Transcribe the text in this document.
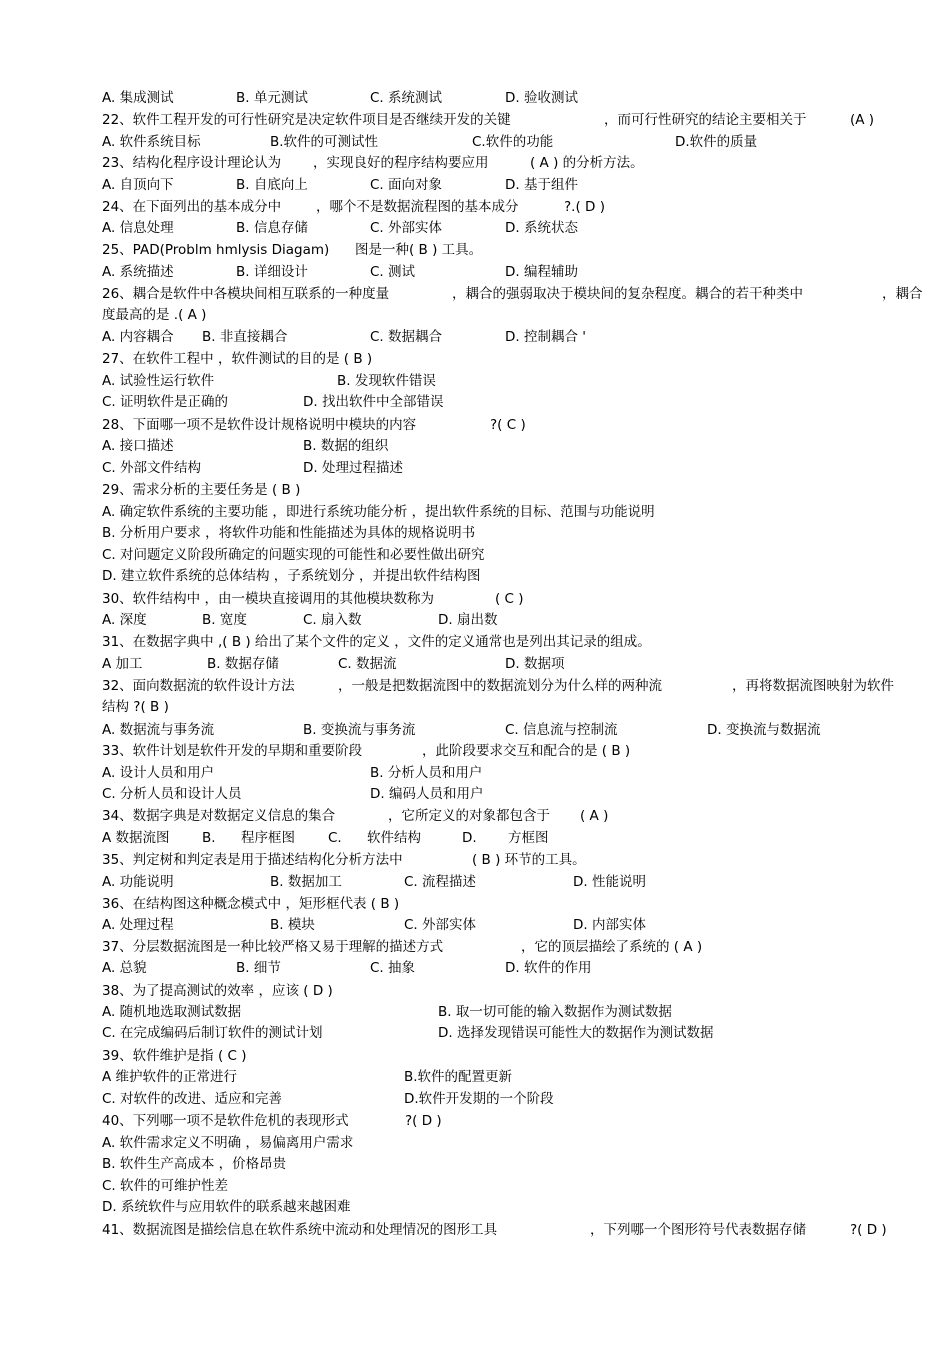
A. 集成测试	B. 单元测试	C. 系统测试	D. 验收测试
22、软件工程开发的可行性研究是决定软件项目是否继续开发的关键	，而可行性研究的结论主要相关于	(A )
A. 软件系统目标	B.软件的可测试性	C.软件的功能	D.软件的质量
23、结构化程序设计理论认为 ，实现良好的程序结构要应用	( A ) 的分析方法。
A. 自顶向下	B. 自底向上	C. 面向对象	D. 基于组件
24、在下面列出的基本成分中	，哪个不是数据流程图的基本成分	?.( D )
A. 信息处理	B. 信息存储	C. 外部实体	D. 系统状态
25、PAD(Problm hmlysis Diagam) 图是一种( B ) 工具。
A. 系统描述	B. 详细设计	C. 测试	D. 编程辅助
26、耦合是软件中各模块间相互联系的一种度量	，耦合的强弱取决于模块间的复杂程度。耦合的若干种类中	，耦合
度最高的是 .( A )
A. 内容耦合 B. 非直接耦合	C. 数据耦合	D. 控制耦合 '
27、在软件工程中 ，软件测试的目的是 ( B )
A. 试验性运行软件	B. 发现软件错误
C. 证明软件是正确的	D. 找出软件中全部错误
28、下面哪一项不是软件设计规格说明中模块的内容	?( C )
A. 接口描述	B. 数据的组织
C. 外部文件结构	D. 处理过程描述
29、需求分析的主要任务是 ( B )
A. 确定软件系统的主要功能 ，即进行系统功能分析 ，提出软件系统的目标、范围与功能说明
B. 分析用户要求 ，将软件功能和性能描述为具体的规格说明书
C. 对问题定义阶段所确定的问题实现的可能性和必要性做出研究
D. 建立软件系统的总体结构 ，子系统划分 ，并提出软件结构图
30、软件结构中 ，由一模块直接调用的其他模块数称为	( C )
A. 深度	B. 宽度	C. 扇入数	D. 扇出数
31、在数据字典中 ,( B ) 给出了某个文件的定义 ，文件的定义通常也是列出其记录的组成。
A 加工	B. 数据存储	C. 数据流	D. 数据项
32、面向数据流的软件设计方法	，一般是把数据流图中的数据流划分为什么样的两种流	，再将数据流图映射为软件
结构 ?( B )
A. 数据流与事务流	B. 变换流与事务流	C. 信息流与控制流	D. 变换流与数据流
33、软件计划是软件开发的早期和重要阶段	，此阶段要求交互和配合的是 ( B )
A. 设计人员和用户	B. 分析人员和用户
C. 分析人员和设计人员	D. 编码人员和用户
34、数据字典是对数据定义信息的集合	，它所定义的对象都包含于 ( A )
A 数据流图 B. 程序框图 C. 软件结构	D. 方框图
35、判定树和判定表是用于描述结构化分析方法中	( B ) 环节的工具。
A. 功能说明	B. 数据加工	C. 流程描述	D. 性能说明
36、在结构图这种概念模式中 ，矩形框代表 ( B )
A. 处理过程	B. 模块	C. 外部实体	D. 内部实体
37、分层数据流图是一种比较严格又易于理解的描述方式	，它的顶层描绘了系统的 ( A )
A. 总貌	B. 细节	C. 抽象	D. 软件的作用
38、为了提高测试的效率 ，应该 ( D )
A. 随机地选取测试数据	B. 取一切可能的输入数据作为测试数据
C. 在完成编码后制订软件的测试计划	D. 选择发现错误可能性大的数据作为测试数据
39、软件维护是指 ( C )
A 维护软件的正常进行	B.软件的配置更新
C. 对软件的改进、适应和完善	D.软件开发期的一个阶段
40、下列哪一项不是软件危机的表现形式	?( D )
A. 软件需求定义不明确 ，易偏离用户需求
B. 软件生产高成本 ，价格昂贵
C. 软件的可维护性差
D. 系统软件与应用软件的联系越来越困难
41、数据流图是描绘信息在软件系统中流动和处理情况的图形工具	，下列哪一个图形符号代表数据存储	?( D )
